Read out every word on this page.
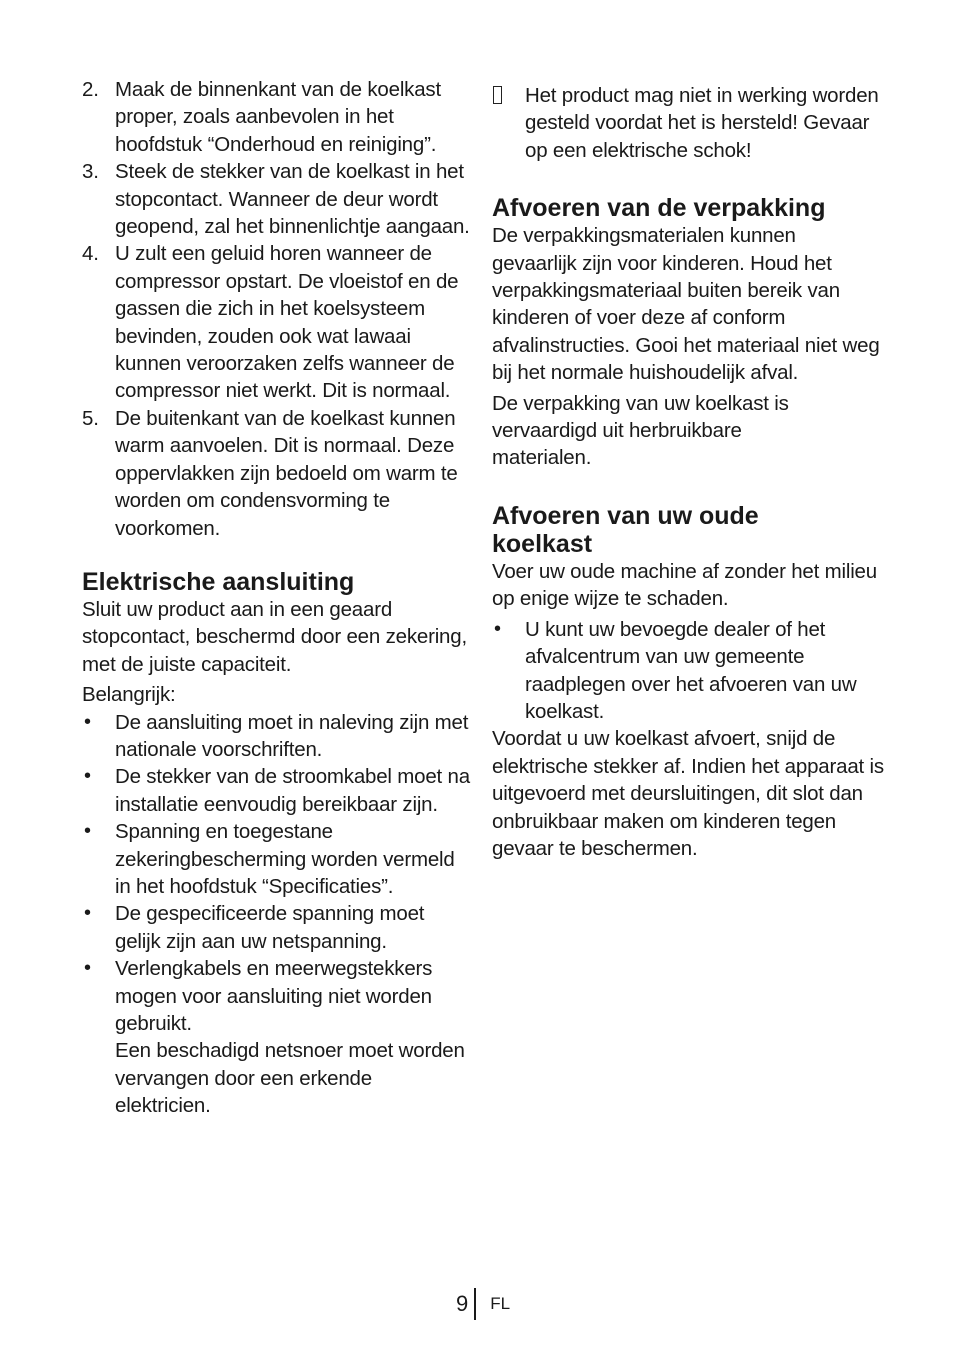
2. Maak de binnenkant van de koelkast proper, zoals aanbevolen in het hoofdstuk “Onderhoud en reiniging”.
3. Steek de stekker van de koelkast in het stopcontact. Wanneer de deur wordt geopend, zal het binnenlichtje aangaan.
4. U zult een geluid horen wanneer de compressor opstart. De vloeistof en de gassen die zich in het koelsysteem bevinden, zouden ook wat lawaai kunnen veroorzaken zelfs wanneer de compressor niet werkt. Dit is normaal.
5. De buitenkant van de koelkast kunnen warm aanvoelen. Dit is normaal. Deze oppervlakken zijn bedoeld om warm te worden om condensvorming te voorkomen.
Elektrische aansluiting

Sluit uw product aan in een geaard stopcontact, beschermd door een zekering, met de juiste capaciteit.

Belangrijk:

• De aansluiting moet in naleving zijn met nationale voorschriften.
• De stekker van de stroomkabel moet na installatie eenvoudig bereikbaar zijn.
• Spanning en toegestane zekeringbescherming worden vermeld in het hoofdstuk “Specificaties”.
• De gespecificeerde spanning moet gelijk zijn aan uw netspanning.
• Verlengkabels en meerwegstekkers mogen voor aansluiting niet worden gebruikt.
Een beschadigd netsnoer moet worden vervangen door een erkende elektricien.
Het product mag niet in werking worden gesteld voordat het is hersteld! Gevaar op een elektrische schok!
Afvoeren van de verpakking

De verpakkingsmaterialen kunnen gevaarlijk zijn voor kinderen. Houd het verpakkingsmateriaal buiten bereik van kinderen of voer deze af conform afvalinstructies. Gooi het materiaal niet weg bij het normale huishoudelijk afval.

De verpakking van uw koelkast is vervaardigd uit herbruikbare materialen.

Afvoeren van uw oude koelkast

Voer uw oude machine af zonder het milieu op enige wijze te schaden.

• U kunt uw bevoegde dealer of het afvalcentrum van uw gemeente raadplegen over het afvoeren van uw koelkast.

Voordat u uw koelkast afvoert, snijd de elektrische stekker af. Indien het apparaat is uitgevoerd met deursluitingen, dit slot dan onbruikbaar maken om kinderen tegen gevaar te beschermen.

9	FL
